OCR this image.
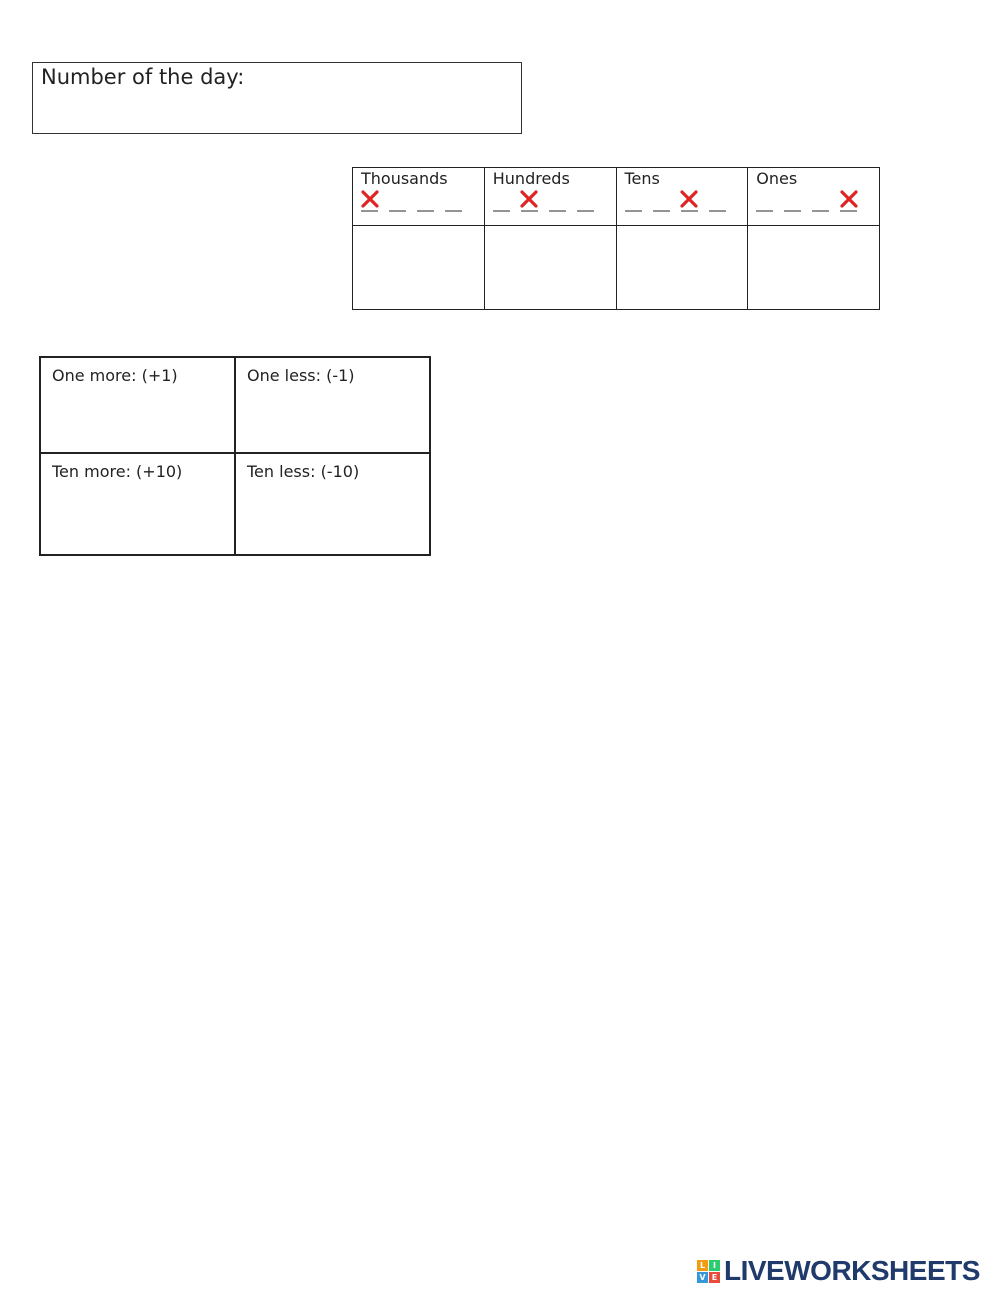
Number of the day:
Thousands	Hundreds	Tens	Ones

One more: (+1)	One less: (-1)
Ten more: (+10)	Ten less: (-10)
L I
V E LIVEWORKSHEETS
